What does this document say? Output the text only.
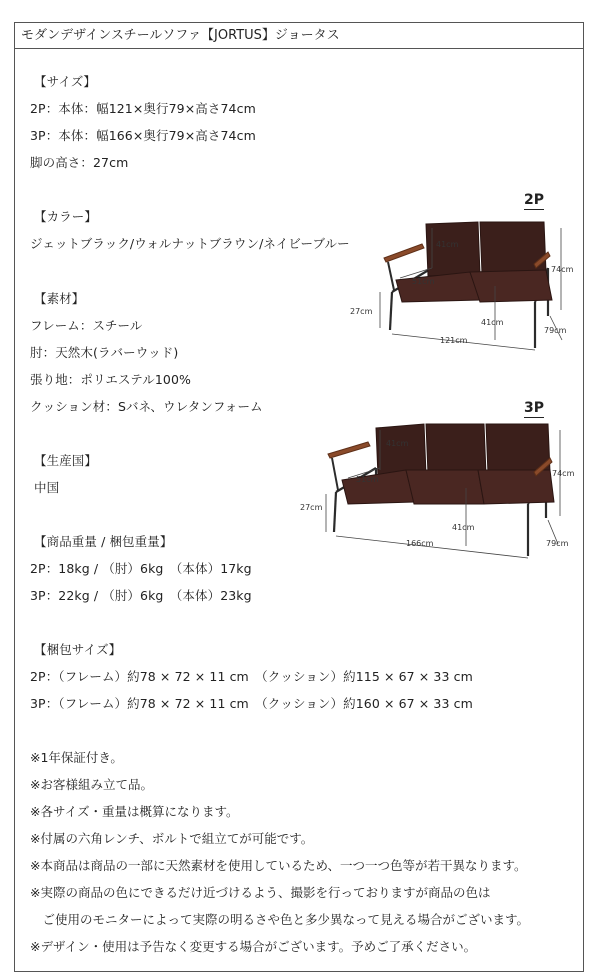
モダンデザインスチールソファ【JORTUS】ジョータス
【サイズ】
2P：本体：幅121×奥行79×高さ74cm
3P：本体：幅166×奥行79×高さ74cm
脚の高さ：27cm
【カラー】
ジェットブラック/ウォルナットブラウン/ネイビーブルー
【素材】
フレーム：スチール
肘：天然木(ラバーウッド)
張り地：ポリエステル100%
クッション材：Sバネ、ウレタンフォーム
【生産国】
中国
【商品重量 / 梱包重量】
2P：18kg / （肘）6kg　（本体）17kg
3P：22kg / （肘）6kg　（本体）23kg
【梱包サイズ】
2P：（フレーム）約78 × 72 × 11 cm　（クッション）約115 × 67 × 33 cm
3P：（フレーム）約78 × 72 × 11 cm　（クッション）約160 × 67 × 33 cm
※1年保証付き。
※お客様組み立て品。
※各サイズ・重量は概算になります。
※付属の六角レンチ、ボルトで組立てが可能です。
※本商品は商品の一部に天然素材を使用しているため、一つ一つ色等が若干異なります。
※実際の商品の色にできるだけ近づけるよう、撮影を行っておりますが商品の色は
　ご使用のモニターによって実際の明るさや色と多少異なって見える場合がございます。
※デザイン・使用は予告なく変更する場合がございます。予めご了承ください。
2P
3P
41cm
51cm
74cm
27cm
41cm
121cm
79cm
41cm
51cm
74cm
27cm
41cm
166cm	79cm
